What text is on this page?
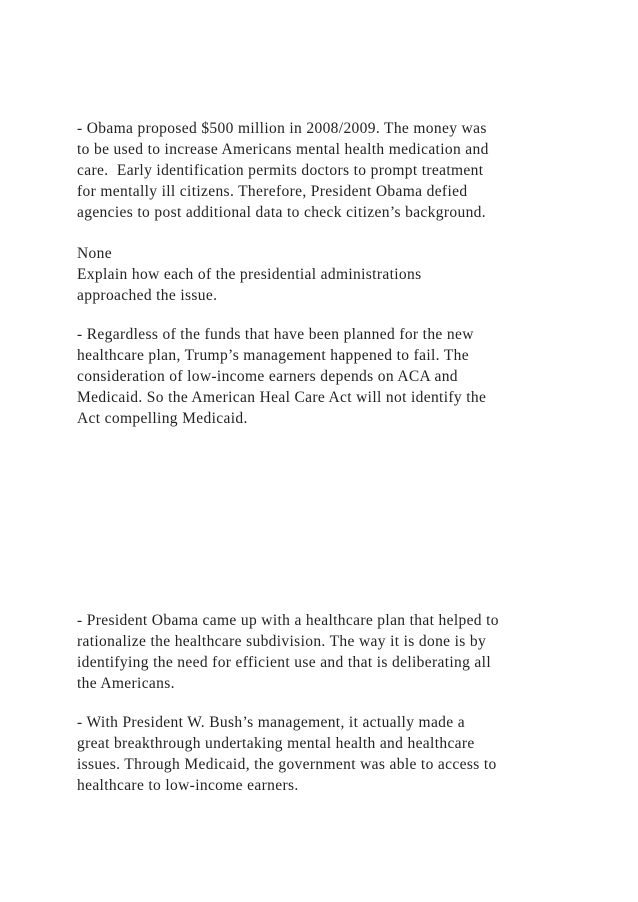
- Obama proposed $500 million in 2008/2009. The money was

to be used to increase Americans mental health medication and

care.  Early identification permits doctors to prompt treatment

for mentally ill citizens. Therefore, President Obama defied

agencies to post additional data to check citizen’s background.

None

Explain how each of the presidential administrations

approached the issue.

- Regardless of the funds that have been planned for the new

healthcare plan, Trump’s management happened to fail. The

consideration of low-income earners depends on ACA and

Medicaid. So the American Heal Care Act will not identify the

Act compelling Medicaid.

- President Obama came up with a healthcare plan that helped to

rationalize the healthcare subdivision. The way it is done is by

identifying the need for efficient use and that is deliberating all

the Americans.

- With President W. Bush’s management, it actually made a

great breakthrough undertaking mental health and healthcare

issues. Through Medicaid, the government was able to access to

healthcare to low-income earners.
